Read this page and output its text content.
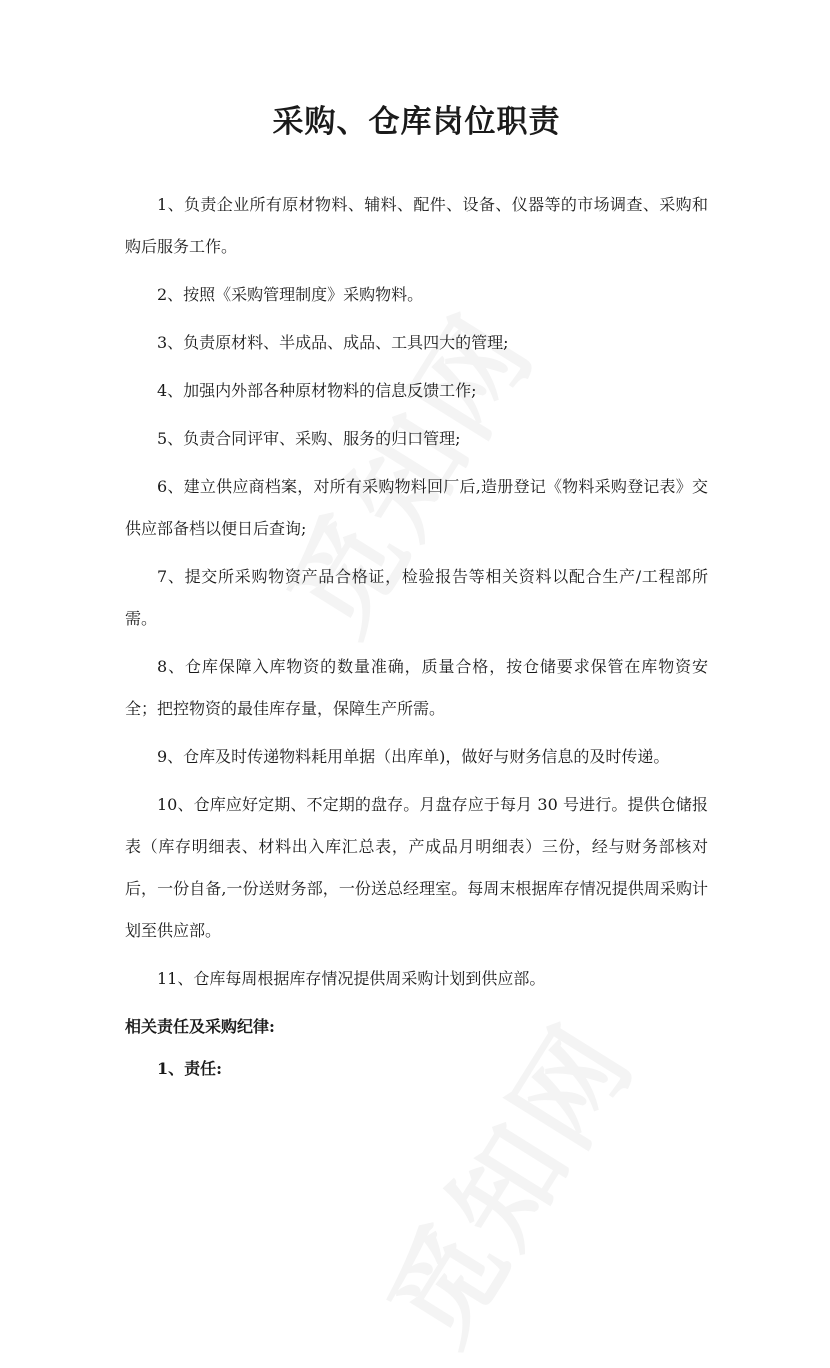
采购、仓库岗位职责

1、负责企业所有原材物料、辅料、配件、设备、仪器等的市场调查、采购和购后服务工作。

2、按照《采购管理制度》采购物料。

3、负责原材料、半成品、成品、工具四大的管理;

4、加强内外部各种原材物料的信息反馈工作;

5、负责合同评审、采购、服务的归口管理;

6、建立供应商档案，对所有采购物料回厂后,造册登记《物料采购登记表》交供应部备档以便日后查询;

7、提交所采购物资产品合格证，检验报告等相关资料以配合生产/工程部所需。

8、仓库保障入库物资的数量准确，质量合格，按仓储要求保管在库物资安全；把控物资的最佳库存量，保障生产所需。

9、仓库及时传递物料耗用单据（出库单)，做好与财务信息的及时传递。

10、仓库应好定期、不定期的盘存。月盘存应于每月 30 号进行。提供仓储报表（库存明细表、材料出入库汇总表，产成品月明细表）三份，经与财务部核对后，一份自备,一份送财务部，一份送总经理室。每周末根据库存情况提供周采购计划至供应部。

11、仓库每周根据库存情况提供周采购计划到供应部。

相关责任及采购纪律:

1、责任:
